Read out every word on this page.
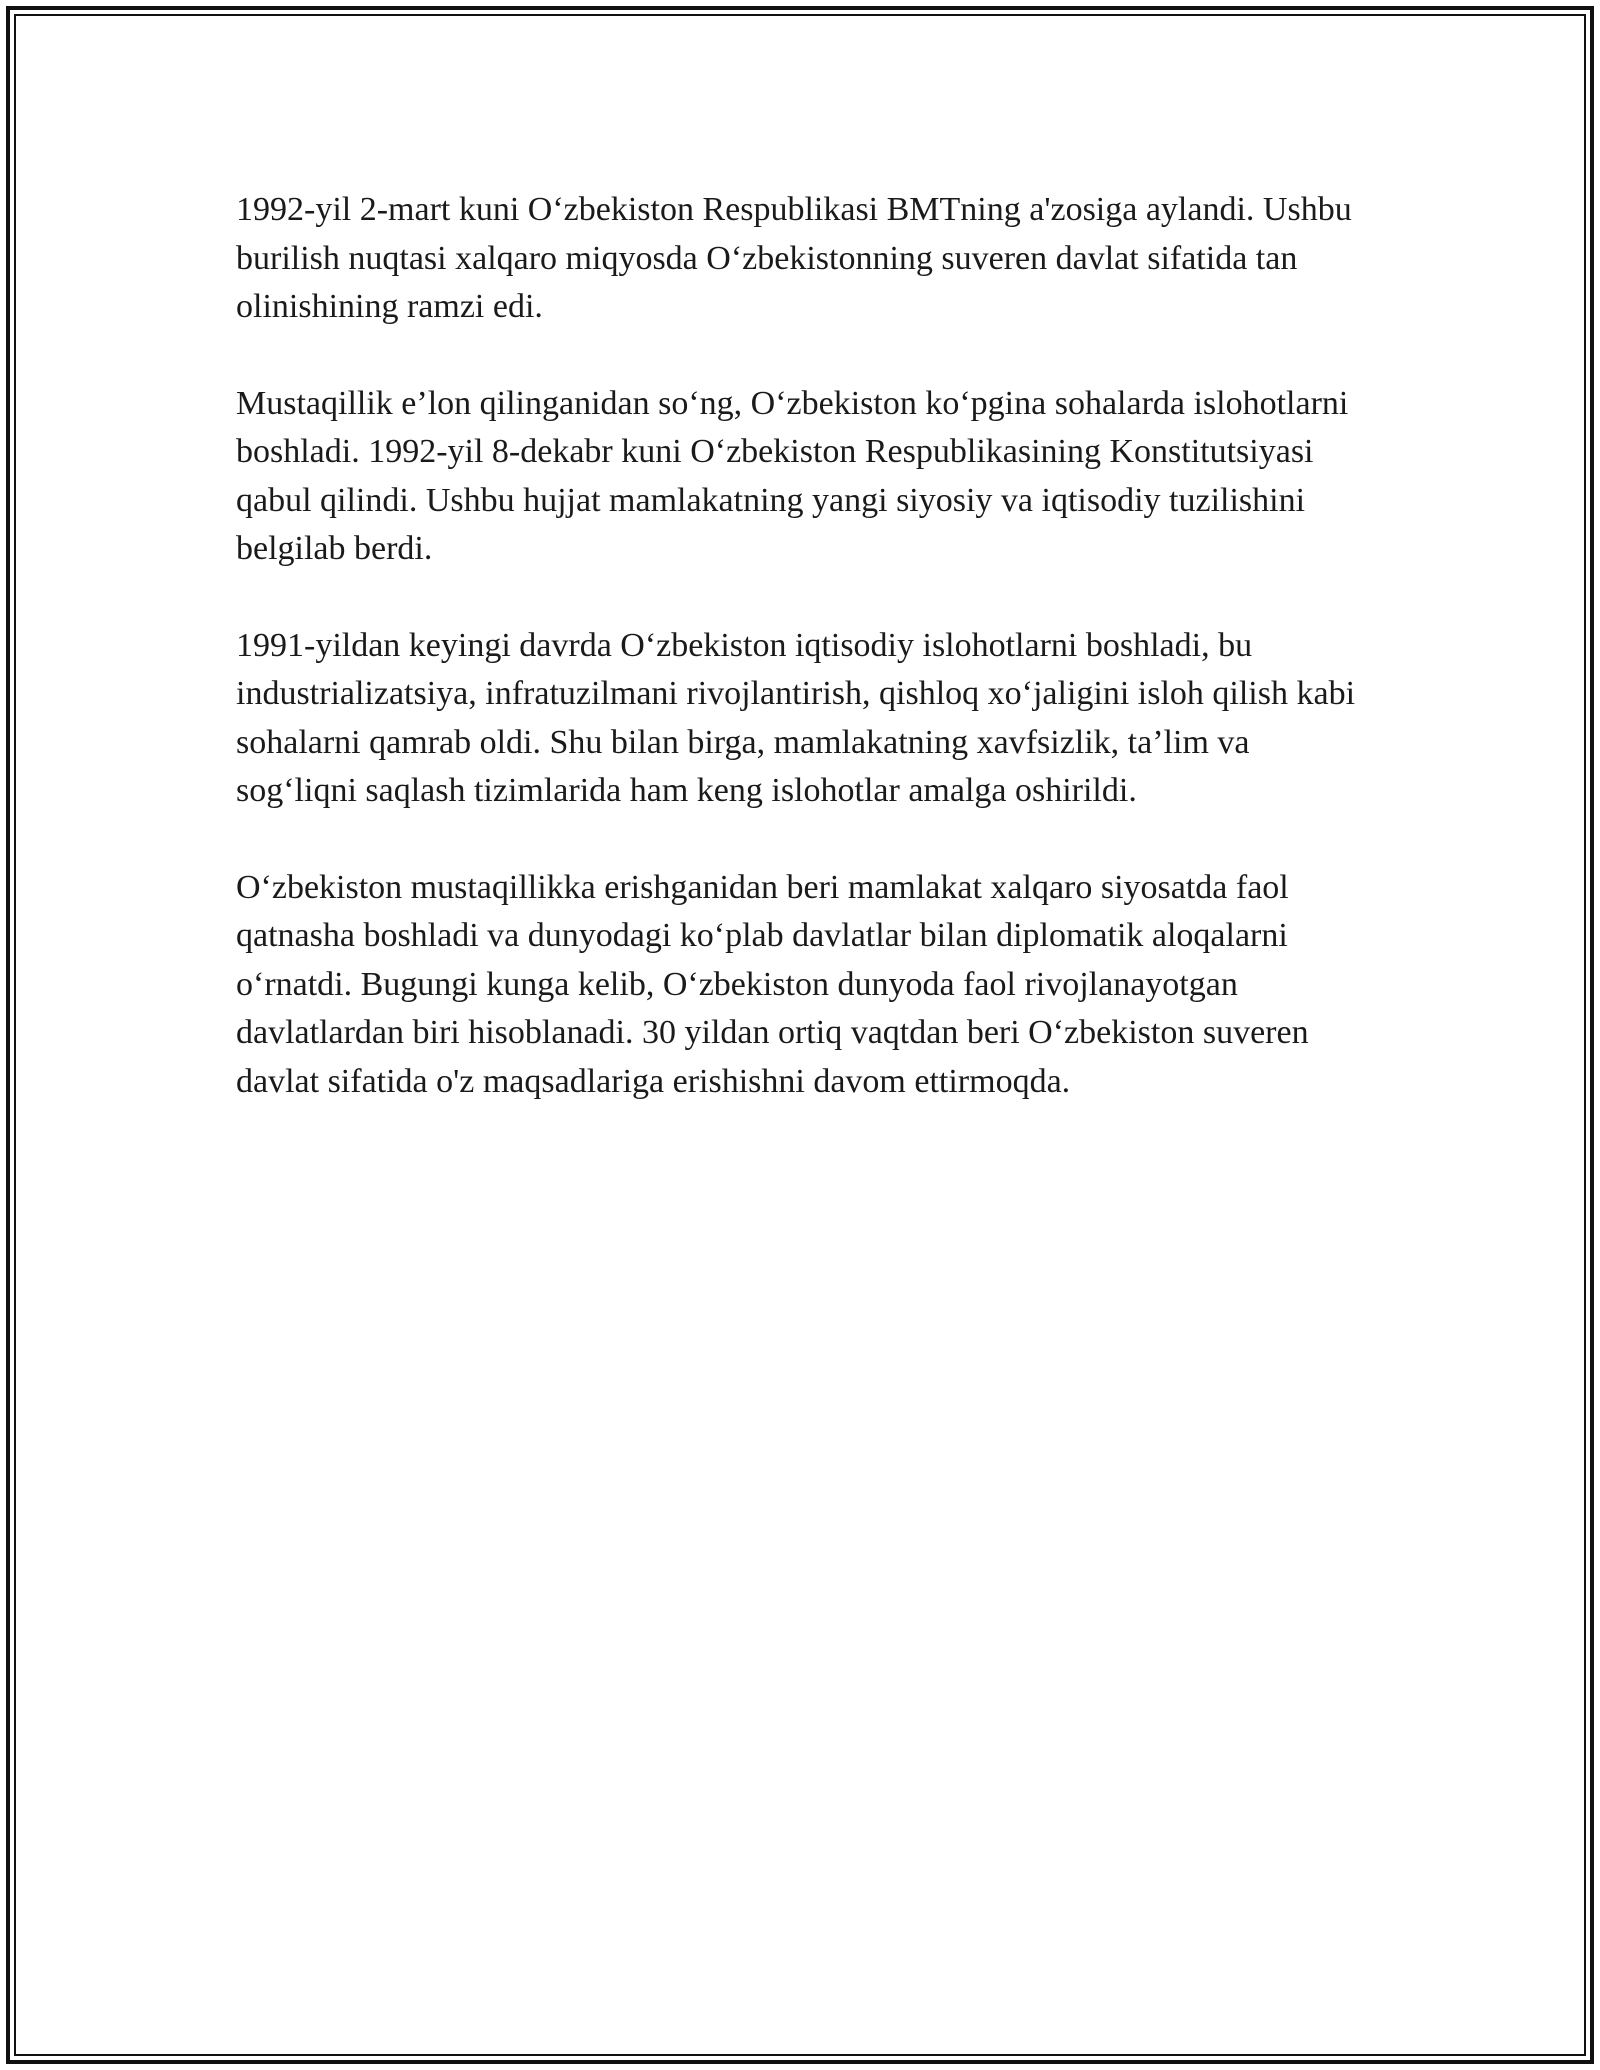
1992-yil 2-mart kuni O‘zbekiston Respublikasi BMTning a'zosiga aylandi. Ushbu burilish nuqtasi xalqaro miqyosda O‘zbekistonning suveren davlat sifatida tan olinishining ramzi edi.

Mustaqillik e’lon qilinganidan so‘ng, O‘zbekiston ko‘pgina sohalarda islohotlarni boshladi. 1992-yil 8-dekabr kuni O‘zbekiston Respublikasining Konstitutsiyasi qabul qilindi. Ushbu hujjat mamlakatning yangi siyosiy va iqtisodiy tuzilishini belgilab berdi.

1991-yildan keyingi davrda O‘zbekiston iqtisodiy islohotlarni boshladi, bu industrializatsiya, infratuzilmani rivojlantirish, qishloq xo‘jaligini isloh qilish kabi sohalarni qamrab oldi. Shu bilan birga, mamlakatning xavfsizlik, ta’lim va sog‘liqni saqlash tizimlarida ham keng islohotlar amalga oshirildi.

O‘zbekiston mustaqillikka erishganidan beri mamlakat xalqaro siyosatda faol qatnasha boshladi va dunyodagi ko‘plab davlatlar bilan diplomatik aloqalarni o‘rnatdi. Bugungi kunga kelib, O‘zbekiston dunyoda faol rivojlanayotgan davlatlardan biri hisoblanadi. 30 yildan ortiq vaqtdan beri O‘zbekiston suveren davlat sifatida o'z maqsadlariga erishishni davom ettirmoqda.
